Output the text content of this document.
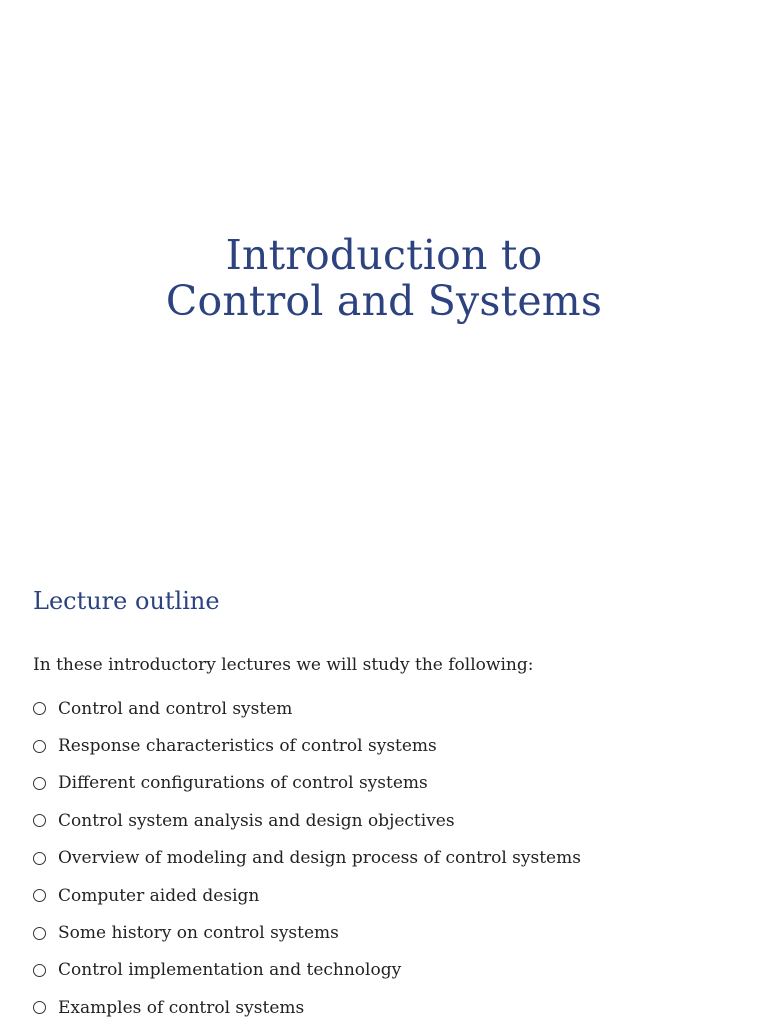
Introduction to
Control and Systems
Lecture outline
In these introductory lectures we will study the following:
Control and control system
Response characteristics of control systems
Different configurations of control systems
Control system analysis and design objectives
Overview of modeling and design process of control systems
Computer aided design
Some history on control systems
Control implementation and technology
Examples of control systems
